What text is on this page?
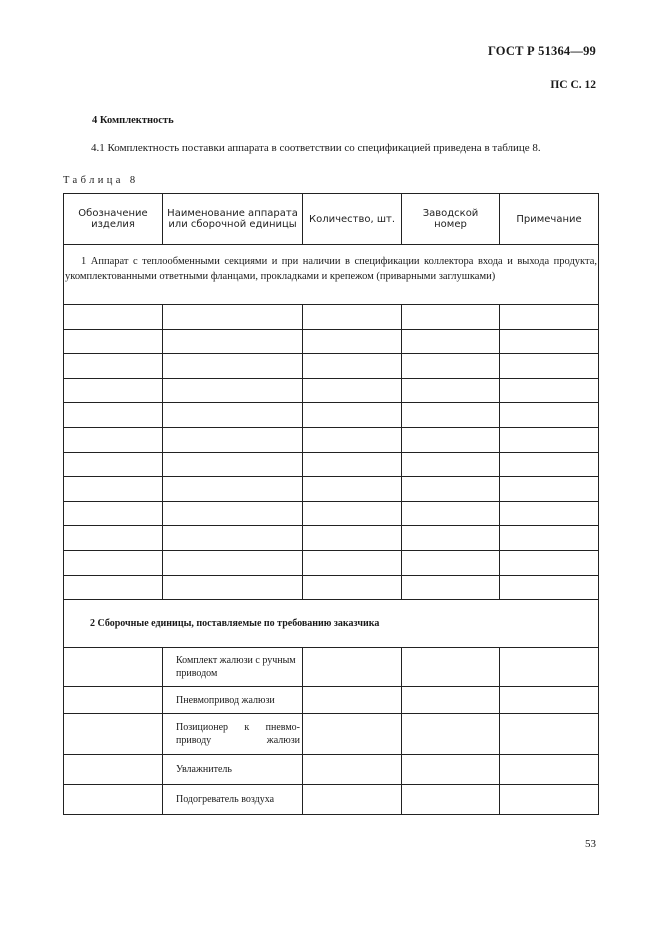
ГОСТ Р 51364—99
ПС С. 12
4 Комплектность
4.1 Комплектность поставки аппарата в соответствии со спецификацией приведена в таблице 8.
Таблица 8
Обозначение изделия	Наименование аппарата или сборочной единицы	Количество, шт.	Заводской номер	Примечание

1 Аппарат с теплообменными секциями и при наличии в спецификации коллектора входа и выхода продукта, укомплектованными ответными фланцами, прокладками и крепежом (приварными заглушками)				

2 Сборочные единицы, поставляемые по требованию заказчика				

	Комплект жалюзи с ручным приводом			
	Пневмопривод жалюзи			
	Позиционер к пневмо-приводу жалюзи			
	Увлажнитель			
	Подогреватель воздуха			
53
